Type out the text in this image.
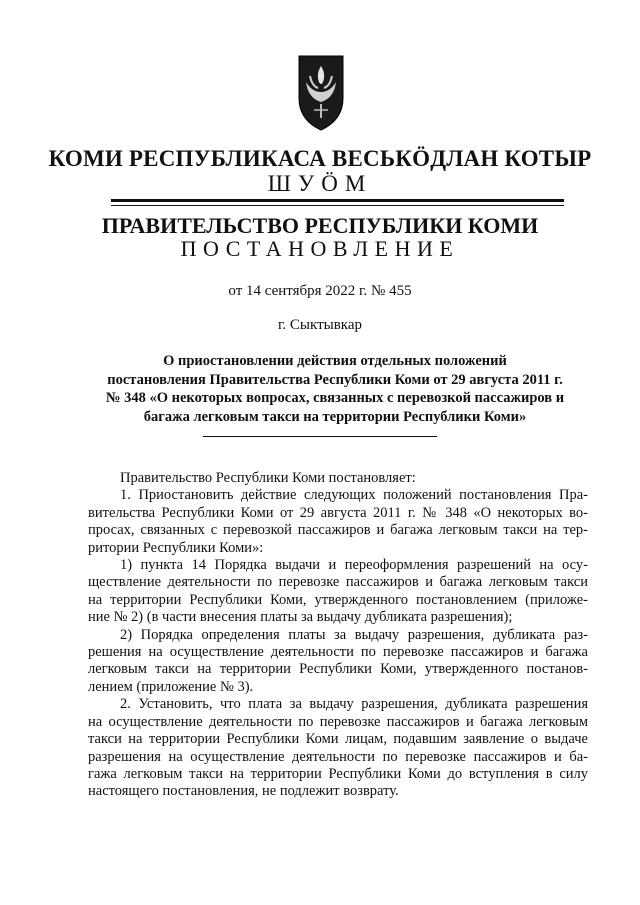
КОМИ РЕСПУБЛИКАСА ВЕСЬКӦДЛАН КОТЫР
ШУӦМ
ПРАВИТЕЛЬСТВО РЕСПУБЛИКИ КОМИ
ПОСТАНОВЛЕНИЕ
от 14 сентября 2022 г. № 455
г. Сыктывкар
О приостановлении действия отдельных положений
постановления Правительства Республики Коми от 29 августа 2011 г.
№ 348 «О некоторых вопросах, связанных с перевозкой пассажиров и
багажа легковым такси на территории Республики Коми»
Правительство Республики Коми постановляет:
1. Приостановить действие следующих положений постановления Пра-
вительства Республики Коми от 29 августа 2011 г. № 348 «О некоторых во-
просах, связанных с перевозкой пассажиров и багажа легковым такси на тер-
ритории Республики Коми»:
1) пункта 14 Порядка выдачи и переоформления разрешений на осу-
ществление деятельности по перевозке пассажиров и багажа легковым такси
на территории Республики Коми, утвержденного постановлением (приложе-
ние № 2) (в части внесения платы за выдачу дубликата разрешения);
2) Порядка определения платы за выдачу разрешения, дубликата раз-
решения на осуществление деятельности по перевозке пассажиров и багажа
легковым такси на территории Республики Коми, утвержденного постанов-
лением (приложение № 3).
2. Установить, что плата за выдачу разрешения, дубликата разрешения
на осуществление деятельности по перевозке пассажиров и багажа легковым
такси на территории Республики Коми лицам, подавшим заявление о выдаче
разрешения на осуществление деятельности по перевозке пассажиров и ба-
гажа легковым такси на территории Республики Коми до вступления в силу
настоящего постановления, не подлежит возврату.
